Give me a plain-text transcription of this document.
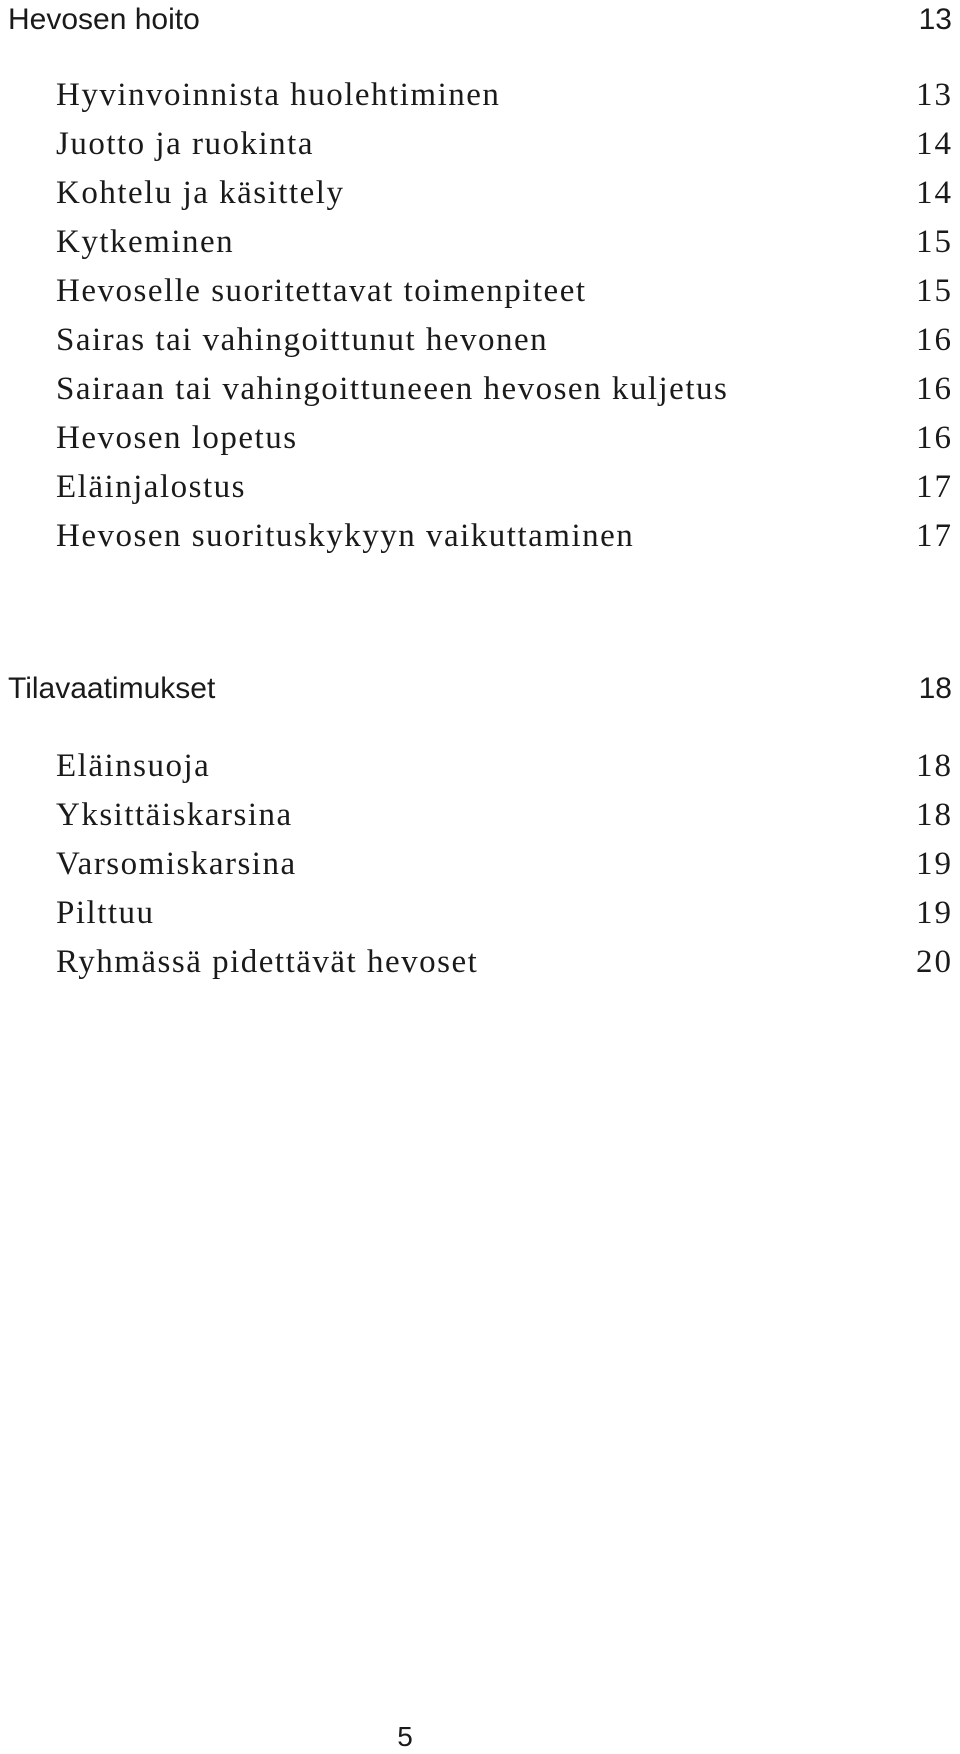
Hevosen hoito	13
Hyvinvoinnista huolehtiminen	13
Juotto ja ruokinta	14
Kohtelu ja käsittely	14
Kytkeminen	15
Hevoselle suoritettavat toimenpiteet	15
Sairas tai vahingoittunut hevonen	16
Sairaan tai vahingoittuneeen hevosen kuljetus	16
Hevosen lopetus	16
Eläinjalostus	17
Hevosen suorituskykyyn vaikuttaminen	17
Tilavaatimukset	18
Eläinsuoja	18
Yksittäiskarsina	18
Varsomiskarsina	19
Pilttuu	19
Ryhmässä pidettävät hevoset	20
5
